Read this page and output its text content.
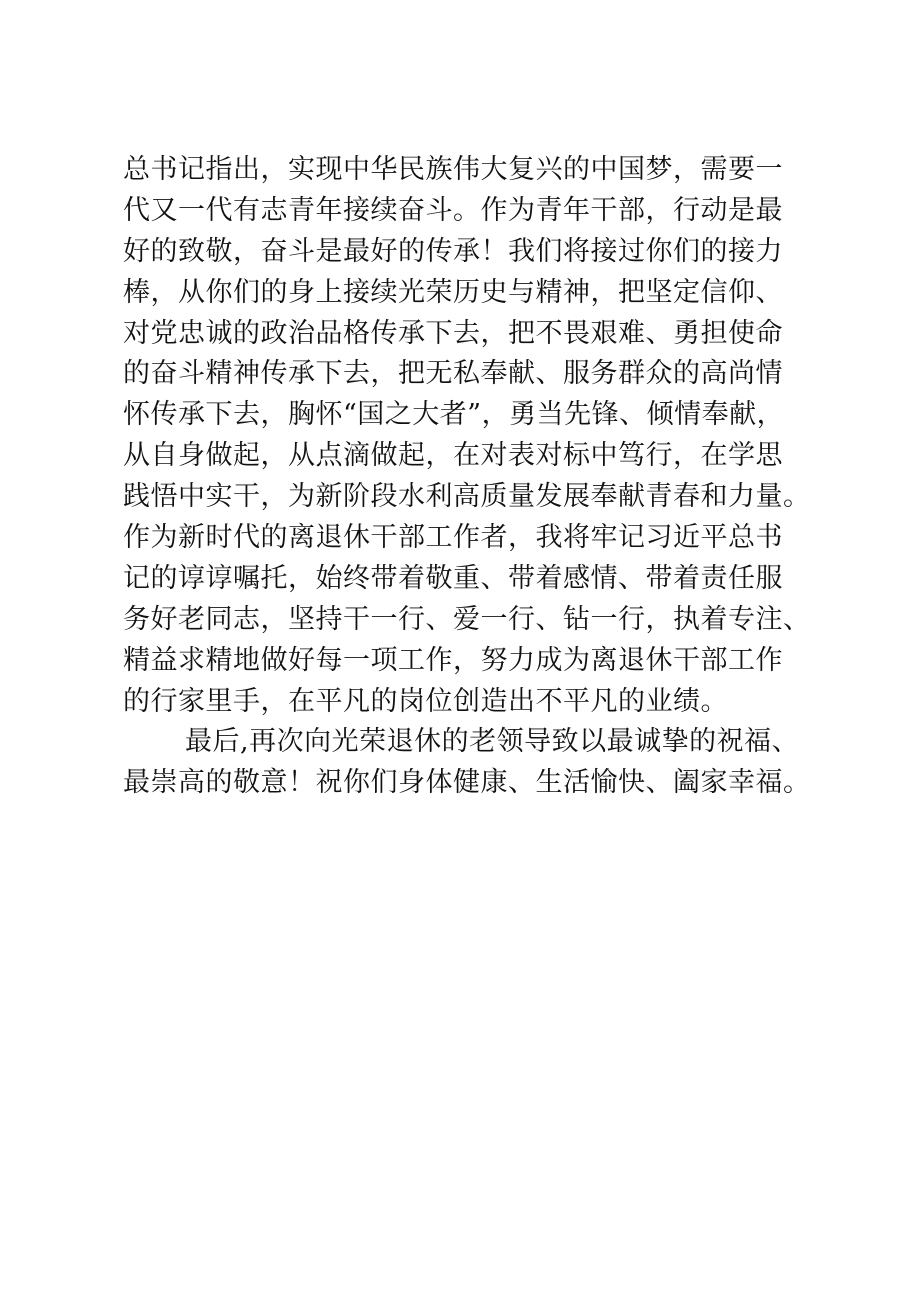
总书记指出，实现中华民族伟大复兴的中国梦，需要一
代又一代有志青年接续奋斗。作为青年干部，行动是最
好的致敬，奋斗是最好的传承！我们将接过你们的接力
棒，从你们的身上接续光荣历史与精神，把坚定信仰、
对党忠诚的政治品格传承下去，把不畏艰难、勇担使命
的奋斗精神传承下去，把无私奉献、服务群众的高尚情
怀传承下去，胸怀“国之大者”，勇当先锋、倾情奉献，
从自身做起，从点滴做起，在对表对标中笃行，在学思
践悟中实干，为新阶段水利高质量发展奉献青春和力量。
作为新时代的离退休干部工作者，我将牢记习近平总书
记的谆谆嘱托，始终带着敬重、带着感情、带着责任服
务好老同志，坚持干一行、爱一行、钻一行，执着专注、
精益求精地做好每一项工作，努力成为离退休干部工作
的行家里手，在平凡的岗位创造出不平凡的业绩。
最后,再次向光荣退休的老领导致以最诚挚的祝福、
最崇高的敬意！祝你们身体健康、生活愉快、阖家幸福。
